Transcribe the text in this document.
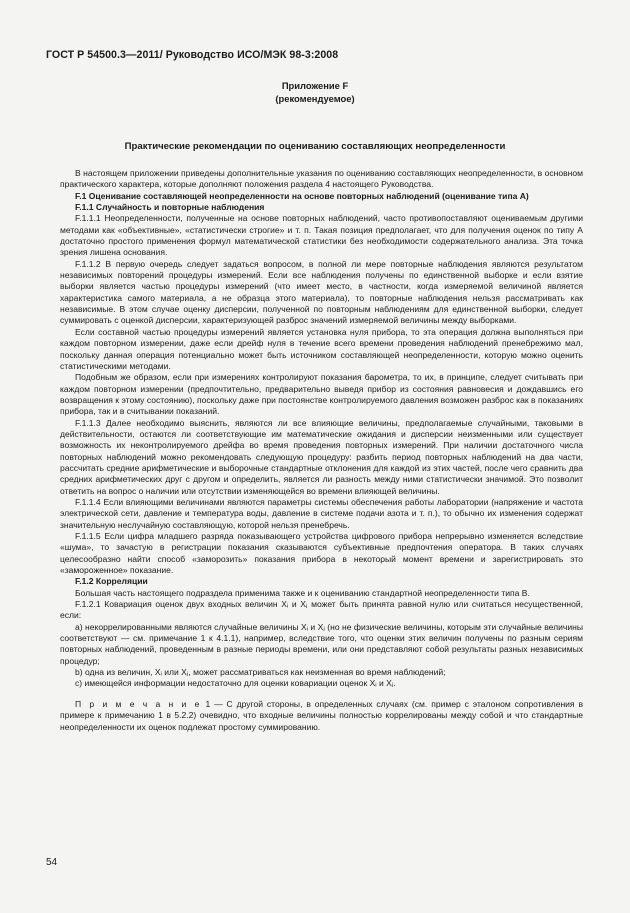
ГОСТ Р 54500.3—2011/ Руководство ИСО/МЭК 98-3:2008
Приложение F
(рекомендуемое)
Практические рекомендации по оцениванию составляющих неопределенности

В настоящем приложении приведены дополнительные указания по оцениванию составляющих неопределенности, в основном практического характера, которые дополняют положения раздела 4 настоящего Руководства.

F.1 Оценивание составляющей неопределенности на основе повторных наблюдений (оценивание типа А)

F.1.1 Случайность и повторные наблюдения

F.1.1.1 Неопределенности, полученные на основе повторных наблюдений, часто противопоставляют оцениваемым другими методами как «объективные», «статистически строгие» и т. п. Такая позиция предполагает, что для получения оценок по типу А достаточно простого применения формул математической статистики без необходимости содержательного анализа. Эта точка зрения лишена основания.

F.1.1.2 В первую очередь следует задаться вопросом, в полной ли мере повторные наблюдения являются результатом независимых повторений процедуры измерений. Если все наблюдения получены по единственной выборке и если взятие выборки является частью процедуры измерений (что имеет место, в частности, когда измеряемой величиной является характеристика самого материала, а не образца этого материала), то повторные наблюдения нельзя рассматривать как независимые. В этом случае оценку дисперсии, полученной по повторным наблюдениям для единственной выборки, следует суммировать с оценкой дисперсии, характеризующей разброс значений измеряемой величины между выборками.

Если составной частью процедуры измерений является установка нуля прибора, то эта операция должна выполняться при каждом повторном измерении, даже если дрейф нуля в течение всего времени проведения наблюдений пренебрежимо мал, поскольку данная операция потенциально может быть источником составляющей неопределенности, которую можно оценить статистическими методами.

Подобным же образом, если при измерениях контролируют показания барометра, то их, в принципе, следует считывать при каждом повторном измерении (предпочтительно, предварительно выведя прибор из состояния равновесия и дождавшись его возвращения к этому состоянию), поскольку даже при постоянстве контролируемого давления возможен разброс как в показаниях прибора, так и в считывании показаний.

F.1.1.3 Далее необходимо выяснить, являются ли все влияющие величины, предполагаемые случайными, таковыми в действительности, остаются ли соответствующие им математические ожидания и дисперсии неизменными или существует возможность их неконтролируемого дрейфа во время проведения повторных измерений. При наличии достаточного числа повторных наблюдений можно рекомендовать следующую процедуру: разбить период повторных наблюдений на два части, рассчитать средние арифметические и выборочные стандартные отклонения для каждой из этих частей, после чего сравнить два средних арифметических друг с другом и определить, является ли разность между ними статистически значимой. Это позволит ответить на вопрос о наличии или отсутствии изменяющейся во времени влияющей величины.

F.1.1.4 Если влияющими величинами являются параметры системы обеспечения работы лаборатории (напряжение и частота электрической сети, давление и температура воды, давление в системе подачи азота и т. п.), то обычно их изменения содержат значительную неслучайную составляющую, которой нельзя пренебречь.

F.1.1.5 Если цифра младшего разряда показывающего устройства цифрового прибора непрерывно изменяется вследствие «шума», то зачастую в регистрации показания сказываются субъективные предпочтения оператора. В таких случаях целесообразно найти способ «заморозить» показания прибора в некоторый момент времени и зарегистрировать это «замороженное» показание.

F.1.2 Корреляции

Большая часть настоящего подраздела применима также и к оцениванию стандартной неопределенности типа В.

F.1.2.1 Ковариация оценок двух входных величин Xᵢ и Xⱼ может быть принята равной нулю или считаться несущественной, если:

a) некоррелированными являются случайные величины Xᵢ и Xⱼ (но не физические величины, которым эти случайные величины соответствуют — см. примечание 1 к 4.1.1), например, вследствие того, что оценки этих величин получены по разным сериям повторных наблюдений, проведенным в разные периоды времени, или они представляют собой результаты разных независимых процедур;

b) одна из величин, Xᵢ или Xⱼ, может рассматриваться как неизменная во время наблюдений;

c) имеющейся информации недостаточно для оценки ковариации оценок Xᵢ и Xⱼ.

П р и м е ч а н и е 1 — С другой стороны, в определенных случаях (см. пример с эталоном сопротивления в примере к примечанию 1 в 5.2.2) очевидно, что входные величины полностью коррелированы между собой и что стандартные неопределенности их оценок подлежат простому суммированию.

54
